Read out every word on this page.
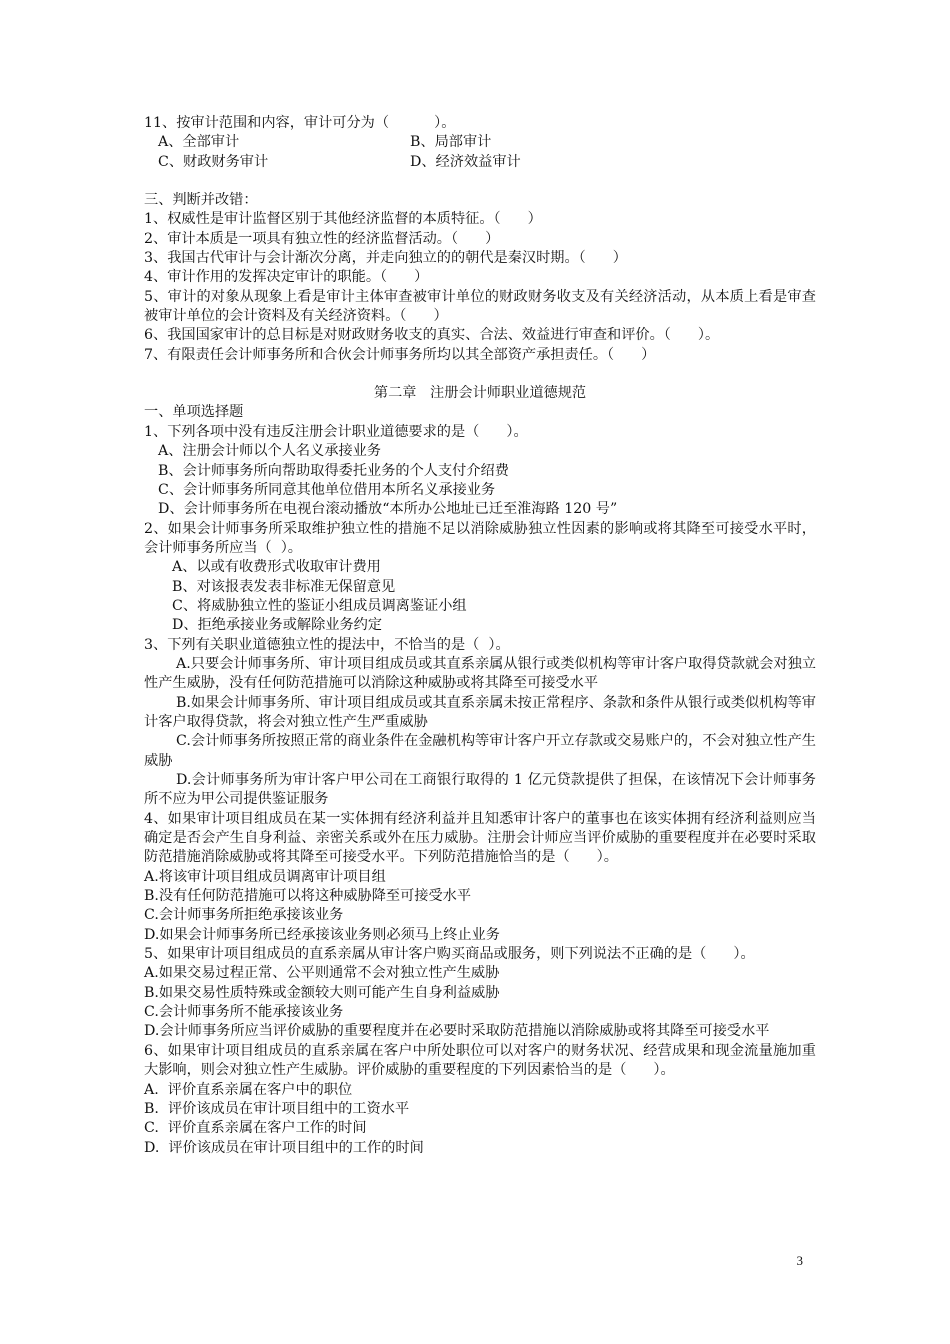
11、按审计范围和内容，审计可分为（          ）。
A、全部审计	B、局部审计
C、财政财务审计	D、经济效益审计
三、判断并改错：
1、权威性是审计监督区别于其他经济监督的本质特征。（      ）
2、审计本质是一项具有独立性的经济监督活动。（      ）
3、我国古代审计与会计渐次分离，并走向独立的的朝代是秦汉时期。（      ）
4、审计作用的发挥决定审计的职能。（      ）
5、审计的对象从现象上看是审计主体审查被审计单位的财政财务收支及有关经济活动，从本质上看是审查被审计单位的会计资料及有关经济资料。（      ）
6、我国国家审计的总目标是对财政财务收支的真实、合法、效益进行审查和评价。（      ）。
7、有限责任会计师事务所和合伙会计师事务所均以其全部资产承担责任。（      ）
第二章   注册会计师职业道德规范
一、单项选择题
1、下列各项中没有违反注册会计职业道德要求的是（      ）。
A、注册会计师以个人名义承接业务
B、会计师事务所向帮助取得委托业务的个人支付介绍费
C、会计师事务所同意其他单位借用本所名义承接业务
D、会计师事务所在电视台滚动播放“本所办公地址已迁至淮海路 120 号”
2、如果会计师事务所采取维护独立性的措施不足以消除威胁独立性因素的影响或将其降至可接受水平时，会计师事务所应当（  ）。
A、以或有收费形式收取审计费用
B、对该报表发表非标准无保留意见
C、将威胁独立性的鉴证小组成员调离鉴证小组
D、拒绝承接业务或解除业务约定
3、下列有关职业道德独立性的提法中，不恰当的是（  ）。
A.只要会计师事务所、审计项目组成员或其直系亲属从银行或类似机构等审计客户取得贷款就会对独立性产生威胁，没有任何防范措施可以消除这种威胁或将其降至可接受水平
B.如果会计师事务所、审计项目组成员或其直系亲属未按正常程序、条款和条件从银行或类似机构等审计客户取得贷款，将会对独立性产生严重威胁
C.会计师事务所按照正常的商业条件在金融机构等审计客户开立存款或交易账户的，不会对独立性产生威胁
D.会计师事务所为审计客户甲公司在工商银行取得的 1 亿元贷款提供了担保，在该情况下会计师事务所不应为甲公司提供鉴证服务
4、如果审计项目组成员在某一实体拥有经济利益并且知悉审计客户的董事也在该实体拥有经济利益则应当确定是否会产生自身利益、亲密关系或外在压力威胁。注册会计师应当评价威胁的重要程度并在必要时采取防范措施消除威胁或将其降至可接受水平。下列防范措施恰当的是（      ）。
A.将该审计项目组成员调离审计项目组
B.没有任何防范措施可以将这种威胁降至可接受水平
C.会计师事务所拒绝承接该业务
D.如果会计师事务所已经承接该业务则必须马上终止业务
5、如果审计项目组成员的直系亲属从审计客户购买商品或服务，则下列说法不正确的是（      ）。
A.如果交易过程正常、公平则通常不会对独立性产生威胁
B.如果交易性质特殊或金额较大则可能产生自身利益威胁
C.会计师事务所不能承接该业务
D.会计师事务所应当评价威胁的重要程度并在必要时采取防范措施以消除威胁或将其降至可接受水平
6、如果审计项目组成员的直系亲属在客户中所处职位可以对客户的财务状况、经营成果和现金流量施加重大影响，则会对独立性产生威胁。评价威胁的重要程度的下列因素恰当的是（      ）。
A.  评价直系亲属在客户中的职位
B.  评价该成员在审计项目组中的工资水平
C.  评价直系亲属在客户工作的时间
D.  评价该成员在审计项目组中的工作的时间
3
